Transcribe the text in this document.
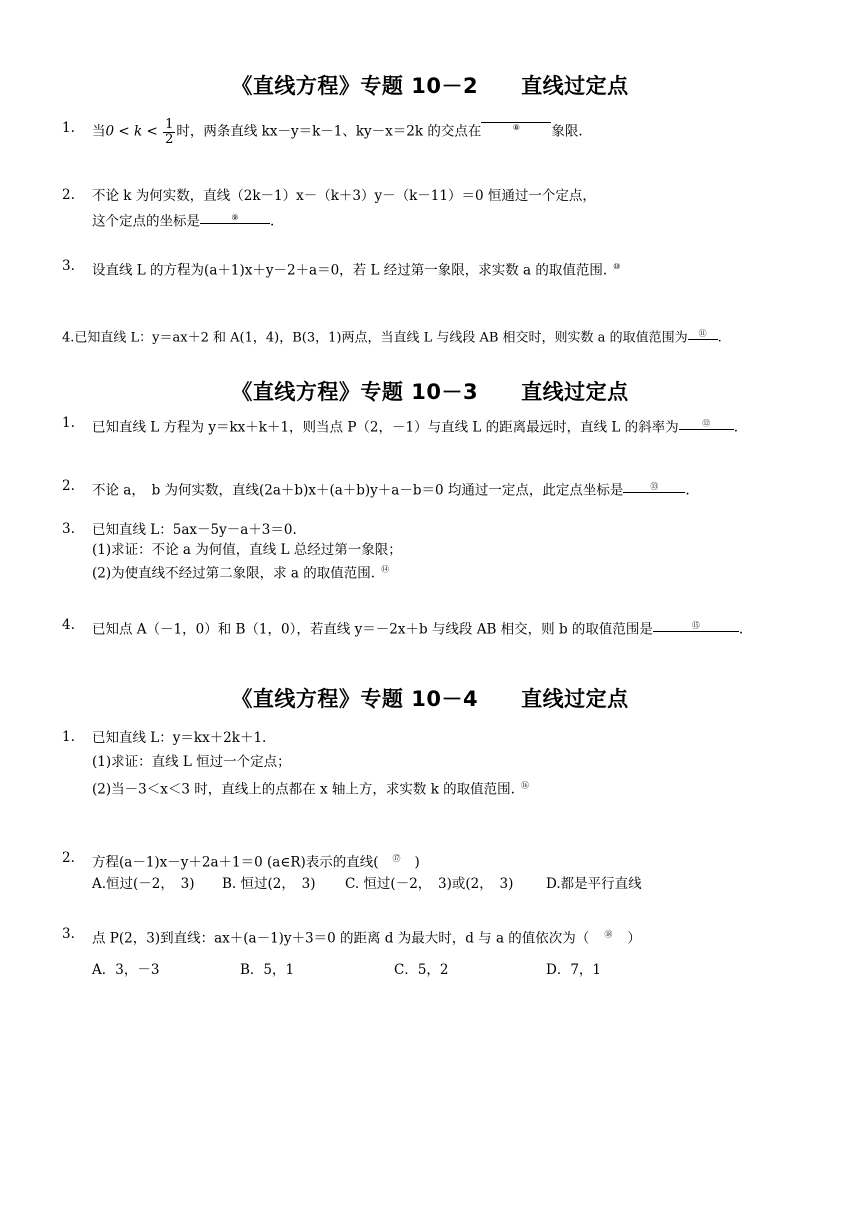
《直线方程》专题 10－2　　直线过定点
1. 当$0 < k < \frac{1}{2}$ 时，两条直线 kx－y＝k－1、ky－x＝2k 的交点在	⑧ 象限.
2. 不论 k 为何实数，直线（2k－1）x－（k＋3）y－（k－11）＝0 恒通过一个定点，
这个定点的坐标是	⑨ .
3. 设直线 L 的方程为(a＋1)x＋y－2＋a＝0，若 L 经过第一象限，求实数 a 的取值范围. ⑩
4.已知直线 L：y＝ax＋2 和 A(1，4)，B(3，1)两点，当直线 L 与线段 AB 相交时，则实数 a 的取值范围为 ⑪ .
《直线方程》专题 10－3　　直线过定点
1. 已知直线 L 方程为 y＝kx＋k＋1，则当点 P（2，－1）与直线 L 的距离最远时，直线 L 的斜率为	⑫ .
2. 不论 a，　b 为何实数，直线(2a＋b)x＋(a＋b)y＋a－b＝0 均通过一定点，此定点坐标是	⑬ .
3. 已知直线 L：5ax－5y－a＋3＝0.
(1)求证：不论 a 为何值，直线 L 总经过第一象限；
(2)为使直线不经过第二象限，求 a 的取值范围. ⑭
4. 已知点 A（－1，0）和 B（1，0），若直线 y＝－2x＋b 与线段 AB 相交，则 b 的取值范围是	⑮	.
《直线方程》专题 10－4　　直线过定点
1. 已知直线 L：y＝kx＋2k＋1.
(1)求证：直线 L 恒过一个定点；
(2)当－3＜x＜3 时，直线上的点都在 x 轴上方，求实数 k 的取值范围. ⑯
2. 方程(a－1)x－y＋2a＋1＝0 (a∈R)表示的直线( ⑰ )
A.恒过(－2，　3) B. 恒过(2，　3) C. 恒过(－2，　3)或(2，　3) D.都是平行直线
3. 点 P(2，3)到直线：ax＋(a－1)y＋3＝0 的距离 d 为最大时，d 与 a 的值依次为（ ⑱ ）
A．3，－3	B．5，1	C．5，2	D．7，1
